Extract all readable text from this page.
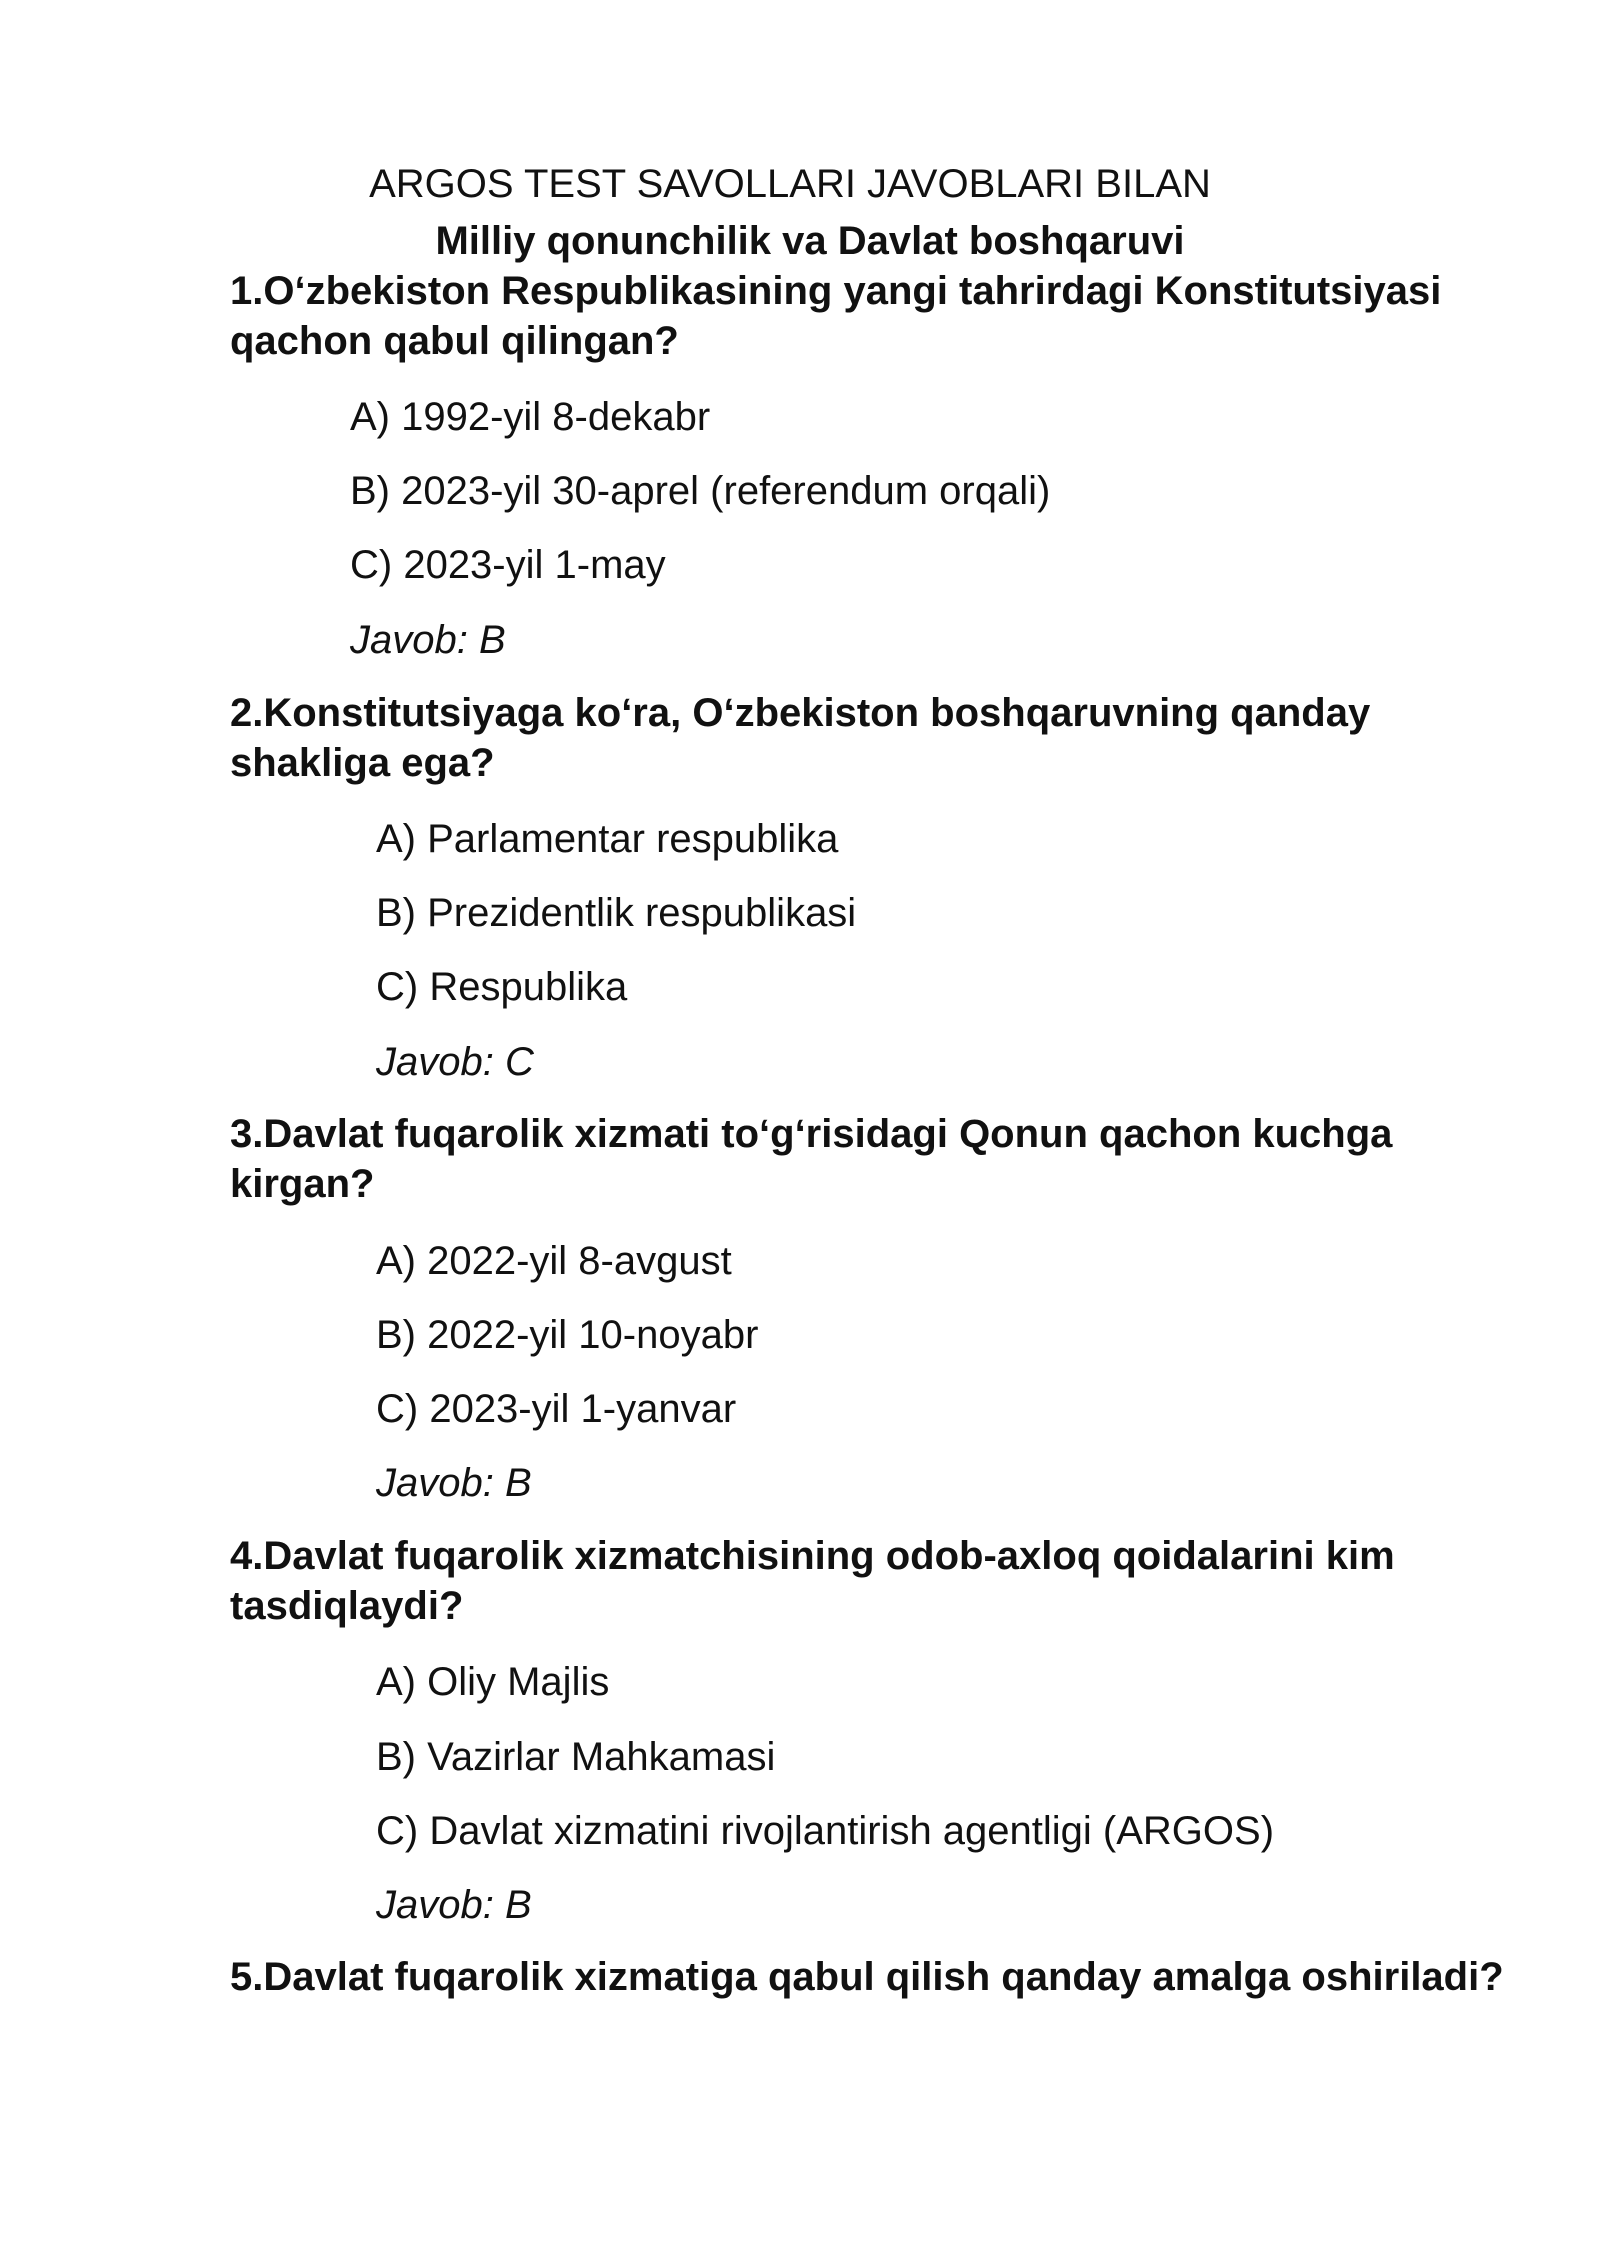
ARGOS TEST SAVOLLARI JAVOBLARI BILAN
Milliy qonunchilik va Davlat boshqaruvi
1.O‘zbekiston Respublikasining yangi tahrirdagi Konstitutsiyasi qachon qabul qilingan?
A) 1992-yil 8-dekabr
B) 2023-yil 30-aprel (referendum orqali)
C) 2023-yil 1-may
Javob: B
2.Konstitutsiyaga ko‘ra, O‘zbekiston boshqaruvning qanday shakliga ega?
A) Parlamentar respublika
B) Prezidentlik respublikasi
C) Respublika
Javob: C
3.Davlat fuqarolik xizmati to‘g‘risidagi Qonun qachon kuchga kirgan?
A) 2022-yil 8-avgust
B) 2022-yil 10-noyabr
C) 2023-yil 1-yanvar
Javob: B
4.Davlat fuqarolik xizmatchisining odob-axloq qoidalarini kim tasdiqlaydi?
A) Oliy Majlis
B) Vazirlar Mahkamasi
C) Davlat xizmatini rivojlantirish agentligi (ARGOS)
Javob: B
5.Davlat fuqarolik xizmatiga qabul qilish qanday amalga oshiriladi?
